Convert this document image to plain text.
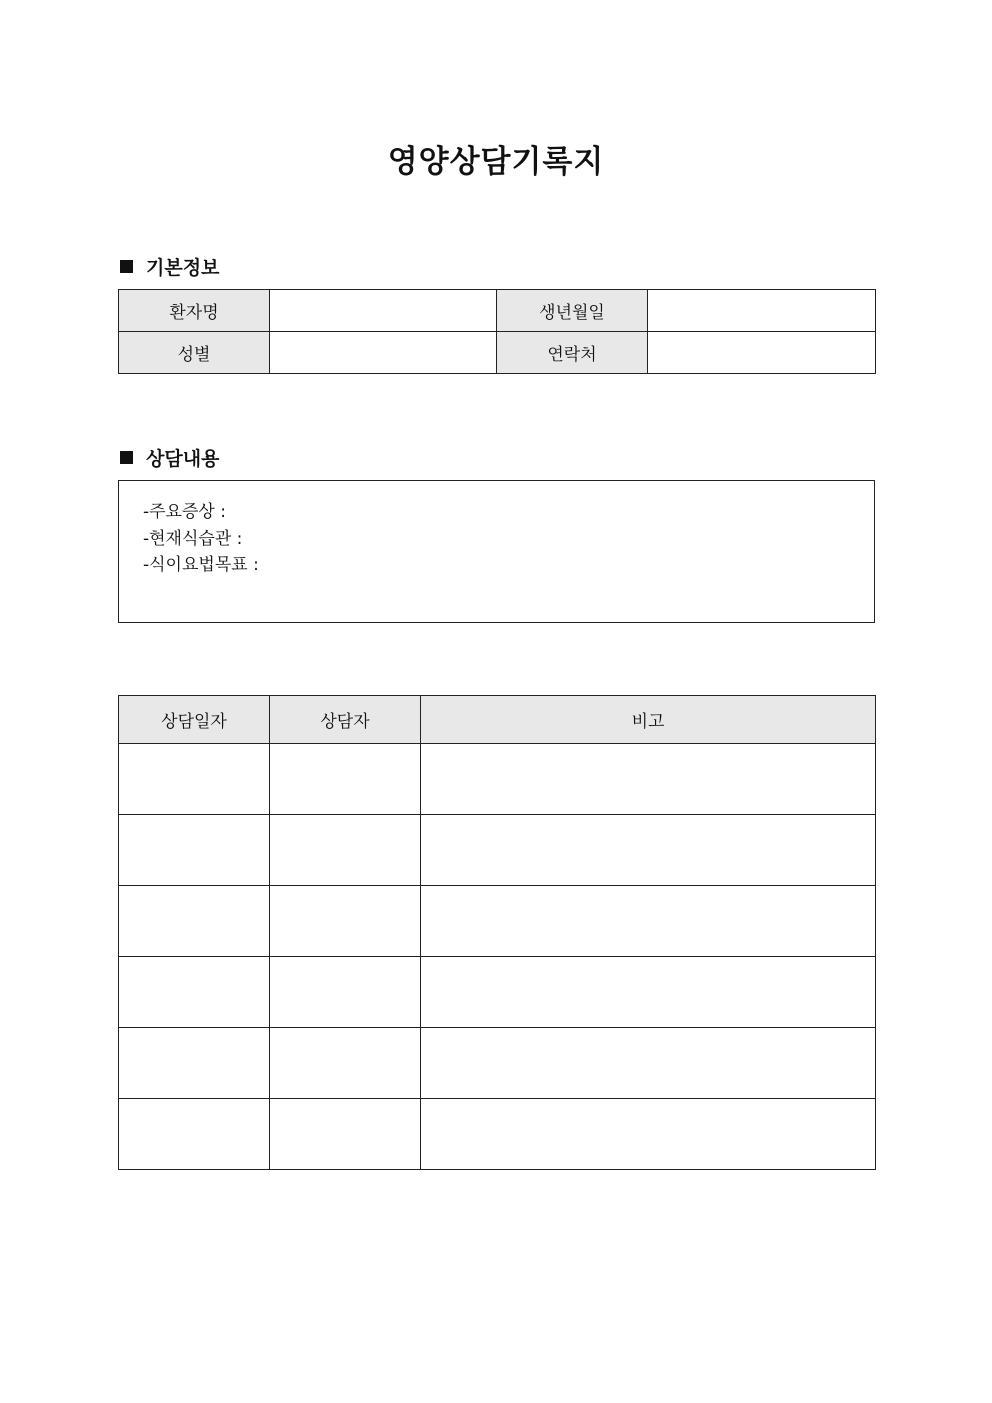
영양상담기록지
기본정보
환자명		생년월일	
성별		연락처	
상담내용
-주요증상 :
-현재식습관 :
-식이요법목표 :
상담일자	상담자	비고
